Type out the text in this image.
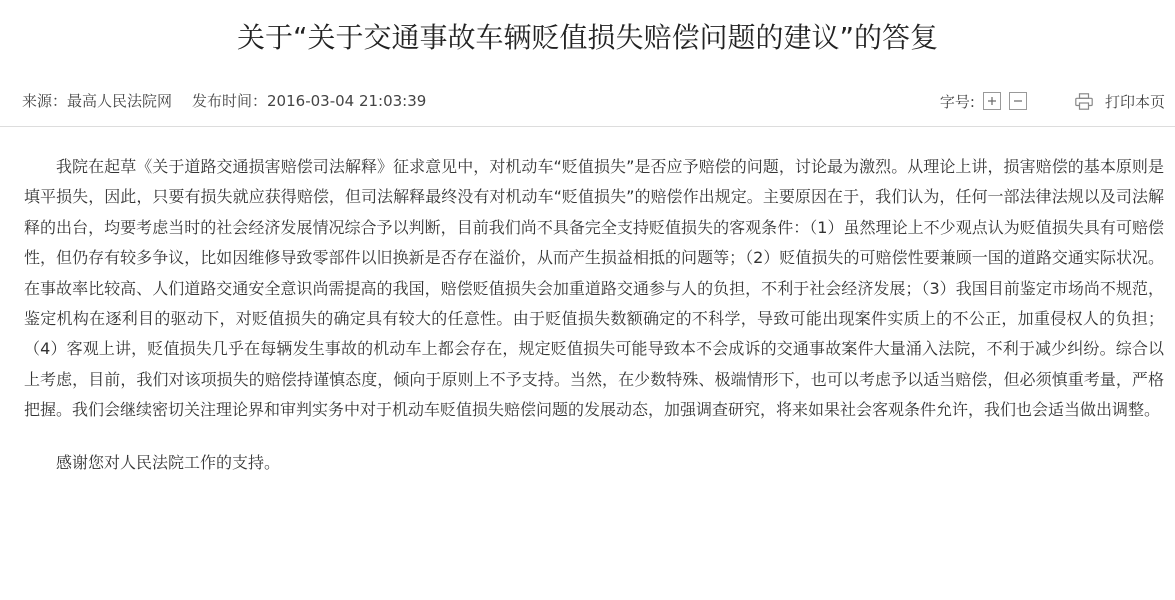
关于“关于交通事故车辆贬值损失赔偿问题的建议”的答复
来源：最高人民法院网 发布时间：2016-03-04 21:03:39	字号:	打印本页

我院在起草《关于道路交通损害赔偿司法解释》征求意见中，对机动车“贬值损失”是否应予赔偿的问题，讨论最为激烈。从理论上讲，损害赔偿的基本原则是填平损失，因此，只要有损失就应获得赔偿，但司法解释最终没有对机动车“贬值损失”的赔偿作出规定。主要原因在于，我们认为，任何一部法律法规以及司法解释的出台，均要考虑当时的社会经济发展情况综合予以判断，目前我们尚不具备完全支持贬值损失的客观条件：（1）虽然理论上不少观点认为贬值损失具有可赔偿性，但仍存有较多争议，比如因维修导致零部件以旧换新是否存在溢价，从而产生损益相抵的问题等；（2）贬值损失的可赔偿性要兼顾一国的道路交通实际状况。在事故率比较高、人们道路交通安全意识尚需提高的我国，赔偿贬值损失会加重道路交通参与人的负担，不利于社会经济发展；（3）我国目前鉴定市场尚不规范，鉴定机构在逐利目的驱动下，对贬值损失的确定具有较大的任意性。由于贬值损失数额确定的不科学，导致可能出现案件实质上的不公正，加重侵权人的负担；（4）客观上讲，贬值损失几乎在每辆发生事故的机动车上都会存在，规定贬值损失可能导致本不会成诉的交通事故案件大量涌入法院，不利于减少纠纷。综合以上考虑，目前，我们对该项损失的赔偿持谨慎态度，倾向于原则上不予支持。当然，在少数特殊、极端情形下，也可以考虑予以适当赔偿，但必须慎重考量，严格把握。我们会继续密切关注理论界和审判实务中对于机动车贬值损失赔偿问题的发展动态，加强调查研究，将来如果社会客观条件允许，我们也会适当做出调整。

感谢您对人民法院工作的支持。
